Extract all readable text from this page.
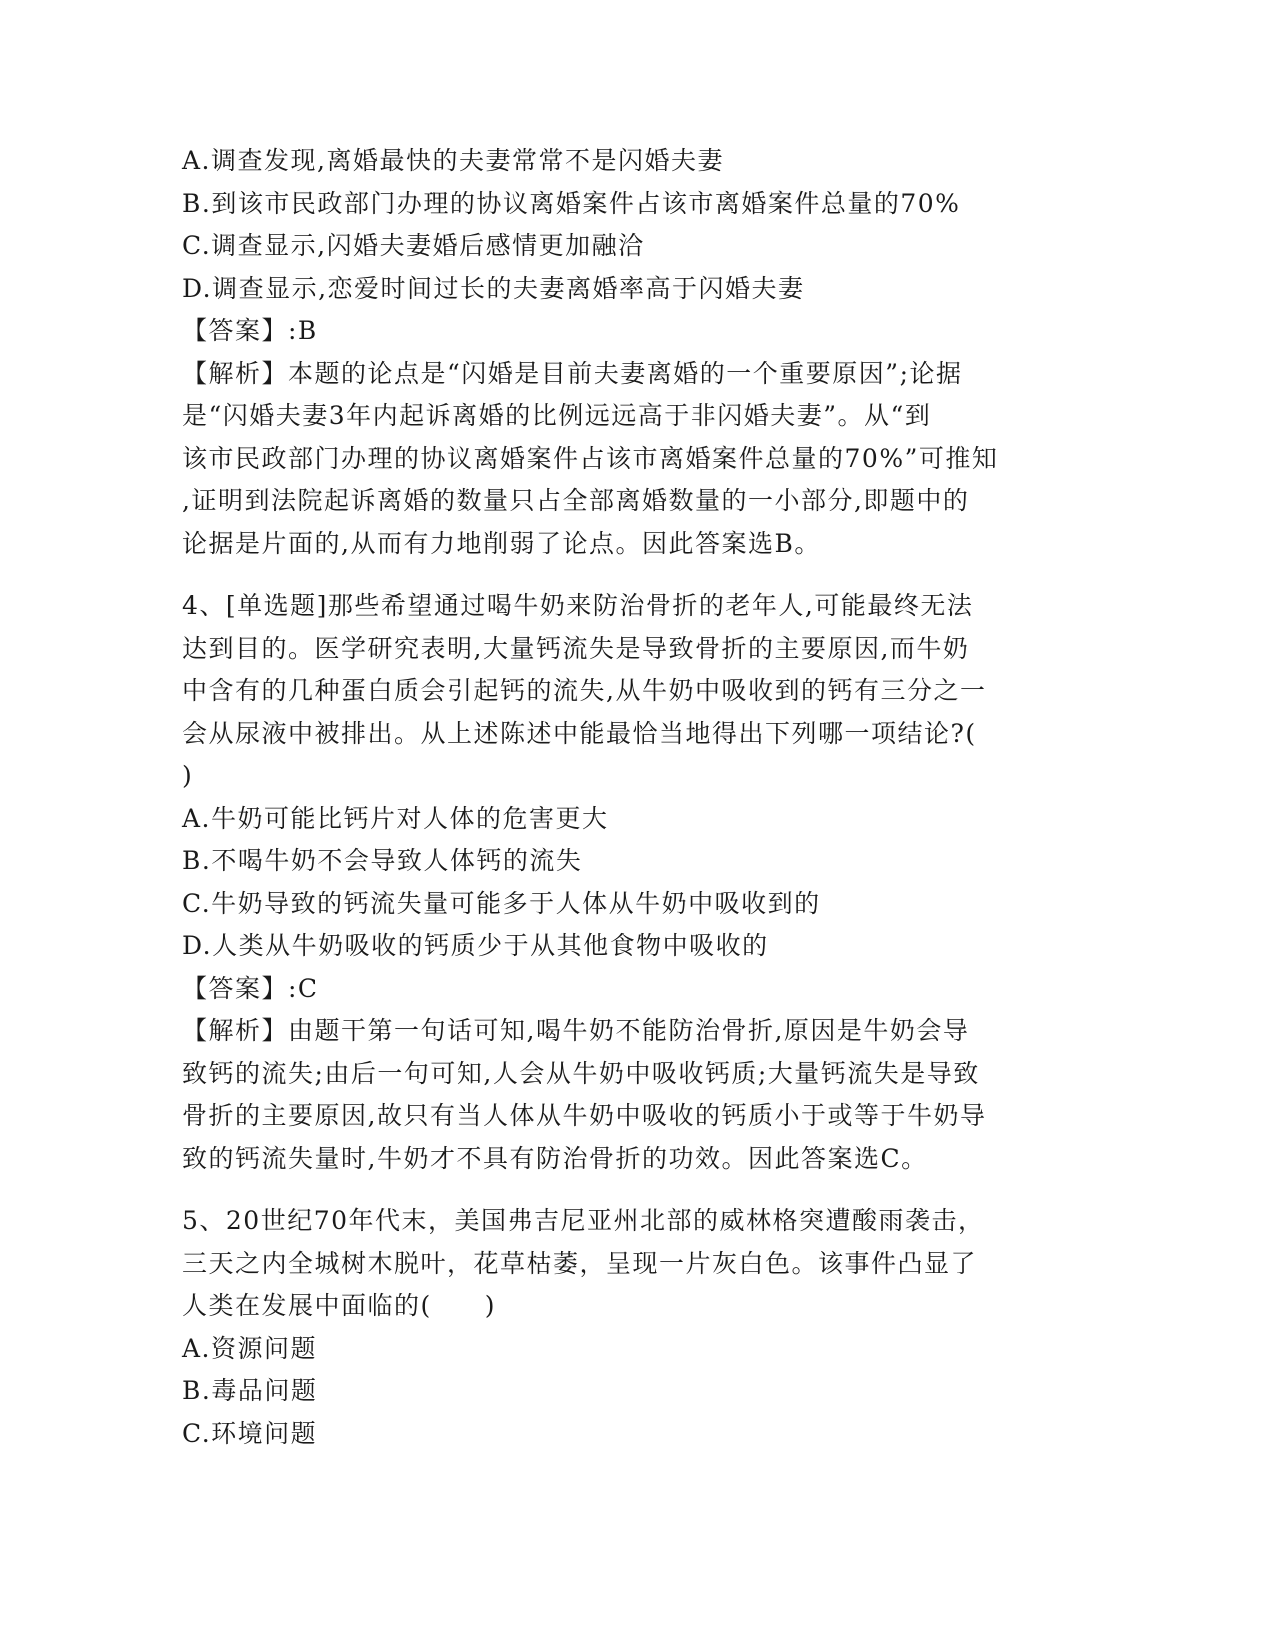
A.调查发现,离婚最快的夫妻常常不是闪婚夫妻
B.到该市民政部门办理的协议离婚案件占该市离婚案件总量的70%
C.调查显示,闪婚夫妻婚后感情更加融洽
D.调查显示,恋爱时间过长的夫妻离婚率高于闪婚夫妻
【答案】:B
【解析】本题的论点是“闪婚是目前夫妻离婚的一个重要原因”;论据
是“闪婚夫妻3年内起诉离婚的比例远远高于非闪婚夫妻”。从“到
该市民政部门办理的协议离婚案件占该市离婚案件总量的70%”可推知
,证明到法院起诉离婚的数量只占全部离婚数量的一小部分,即题中的
论据是片面的,从而有力地削弱了论点。因此答案选B。
4、[单选题]那些希望通过喝牛奶来防治骨折的老年人,可能最终无法
达到目的。医学研究表明,大量钙流失是导致骨折的主要原因,而牛奶
中含有的几种蛋白质会引起钙的流失,从牛奶中吸收到的钙有三分之一
会从尿液中被排出。从上述陈述中能最恰当地得出下列哪一项结论?(
)
A.牛奶可能比钙片对人体的危害更大
B.不喝牛奶不会导致人体钙的流失
C.牛奶导致的钙流失量可能多于人体从牛奶中吸收到的
D.人类从牛奶吸收的钙质少于从其他食物中吸收的
【答案】:C
【解析】由题干第一句话可知,喝牛奶不能防治骨折,原因是牛奶会导
致钙的流失;由后一句可知,人会从牛奶中吸收钙质;大量钙流失是导致
骨折的主要原因,故只有当人体从牛奶中吸收的钙质小于或等于牛奶导
致的钙流失量时,牛奶才不具有防治骨折的功效。因此答案选C。
5、20世纪70年代末，美国弗吉尼亚州北部的威林格突遭酸雨袭击，
三天之内全城树木脱叶，花草枯萎，呈现一片灰白色。该事件凸显了
人类在发展中面临的(　　)
A.资源问题
B.毒品问题
C.环境问题
